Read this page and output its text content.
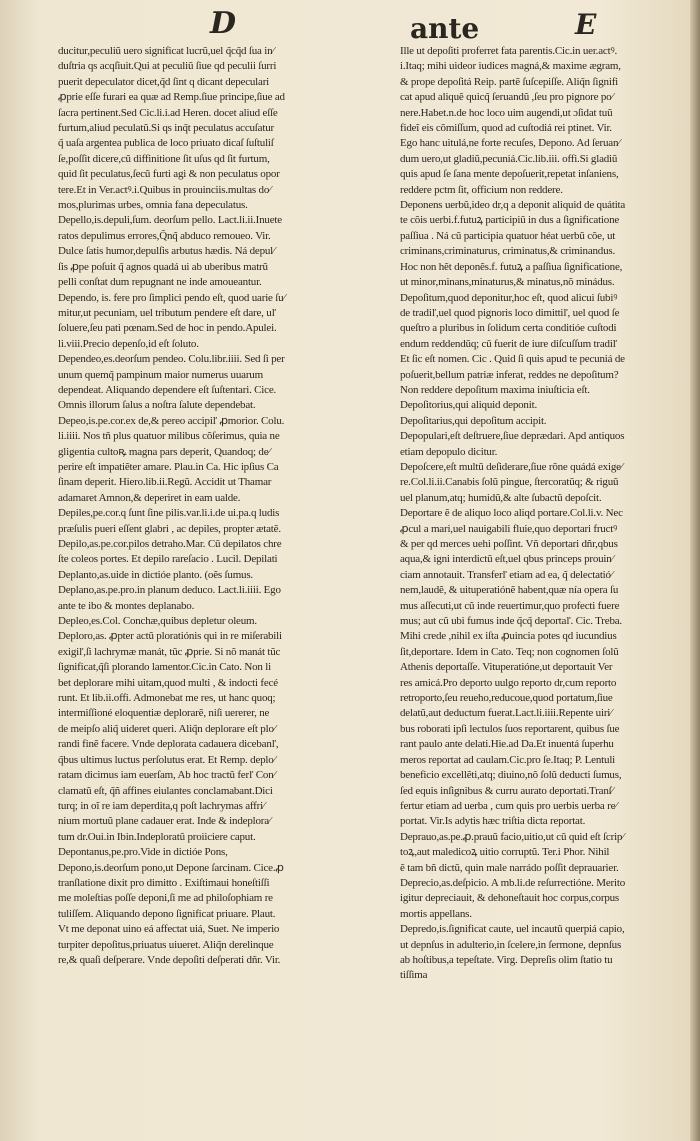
D	ante	E
ducitur,peculiũ uero significat lucrũ,uel q̃cq̃d ſua in⁄
duſtria qs acqſiuit.Qui at peculiũ ſiue qd peculii ſurri
puerit depeculator dicet,q̃d ſint q dicant depeculari
ꝓprie eſſe furari ea quæ ad Remp.ſiue principe,ſiue ad
ſacra pertinent.Sed Cic.li.i.ad Heren. docet aliud eſſe
furtum,aliud peculatũ.Si qs inq̃t peculatus accuſatur
q̃ uaſa argentea publica de loco priuato dicaſ ſuſtuliſ
ſe,poſſit dicere,cũ diffinitione ſit uſus qd ſit furtum,
quid ſit peculatus,ſecũ furti agi & non peculatus opor
tere.Et in Ver.actꝰ.i.Quibus in prouinciis.multas do⁄
mos,plurimas urbes, omnia fana depeculatus.
Depello,is.depuli,ſum. deorſum pello. Lact.li.ii.Inuete
ratos depulimus errores,Q̃nq̃ abduco remoueo. Vir.
Dulce ſatis humor,depulſis arbutus hædis. Ná depul⁄
ſis ꝓpe poſuit q̃ agnos quadá ui ab uberibus matrũ
pelli conſtat dum repugnant ne inde amoueantur.
Dependo, is. fere pro ſimplici pendo eſt, quod uarie ſu⁄
mitur,ut pecuniam, uel tributum pendere eſt dare, uľ
ſoluere,ſeu pati pœnam.Sed de hoc in pendo.Apulei.
li.viii.Precio depenſo,id eſt ſoluto.
Dependeo,es.deorſum pendeo. Colu.libr.iiii. Sed ſi per
unum quemq̃ pampinum maior numerus uuarum
dependeat. Aliquando dependere eſt ſuſtentari. Cice.
Omnis illorum ſalus a noſtra ſalute dependebat.
Depeo,is.pe.cor.ex de,& pereo accipiľ ꝓmorior. Colu.
li.iiii. Nos tñ plus quatuor milibus cõſerimus, quia ne
gligentia cultoꝶ magna pars deperit, Quandoq; de⁄
perire eſt impatiẽter amare. Plau.in Ca. Hic ipſius Ca
ſinam deperit. Hiero.lib.ii.Regũ. Accidit ut Thamar
adamaret Amnon,& deperiret in eam ualde.
Depiles,pe.cor.q ſunt ſine pilis.var.li.i.de ui.pa.q ludis
præſulis pueri eſſent glabri , ac depiles, propter ætatẽ.
Depilo,as.pe.cor.pilos detraho.Mar. Cũ depilatos chre
ſte coleos portes. Et depilo rareſacio . Lucil. Depilati
Deplanto,as.uide in dictióe planto. (oẽs ſumus.
Deplano,as.pe.pro.in planum deduco. Lact.li.iiii. Ego
ante te ibo & montes deplanabo.
Depleo,es.Col. Conchæ,quibus depletur oleum.
Deploro,as. ꝓpter actũ ploratiónis qui in re miſerabili
exigiľ,ſi lachrymæ manát, tũc ꝓprie. Si nõ manát tũc
ſignificat,q̃ſi plorando lamentor.Cic.in Cato. Non li
bet deplorare mihi uitam,quod multi , & indocti fecé
runt. Et lib.ii.offi. Admonebat me res, ut hanc quoq;
intermiſſioné eloquentiæ deplorarẽ, niſi uererer, ne
de meipſo aliq̃ uideret queri. Aliq̃n deplorare eſt plo⁄
randi finẽ facere. Vnde deplorata cadauera dicebanľ,
q̃bus ultimus luctus perſolutus erat. Et Remp. deplo⁄
ratam dicimus iam euerſam, Ab hoc tractũ ferľ Con⁄
clamatũ eſt, q̃ñ affines eiulantes conclamabant.Dici
turq; in oĩ re iam deperdita,q poſt lachrymas affri⁄
nium mortuũ plane cadauer erat. Inde & indeplora⁄
tum dr.Oui.in Ibin.Indeploratũ proiiciere caput.
Depontanus,pe.pro.Vide in dictióe Pons,
Depono,is.deorſum pono,ut Depone ſarcinam. Cice.ꝓ
tranſlatione dixit pro dimitto . Exiſtimaui honeſtiſſi
me moleſtias poſſe deponi,ſi me ad philoſophiam re
tuliſſem. Aliquando depono ſignificat priuare. Plaut.
Vt me deponat uino eá affectat uiá, Suet. Ne imperio
turpiter depoſitus,priuatus uiueret. Aliq̃n derelinque
re,& quaſi deſperare. Vnde depoſiti deſperati dñr. Vir.
Ille ut depoſiti proferret fata parentis.Cic.in uer.actꝰ.
i.Itaq; mihi uideor iudices magná,& maxime ægram,
& prope depoſitá Reip. partẽ ſuſcepiſſe. Aliq̃n ſignifi
cat apud aliquẽ quicq̃ ſeruandũ ,ſeu pro pignore po⁄
nere.Habet.n.de hoc loco uim augendi,ut ɔſidat tuũ
fideĩ eis cõmiſſum, quod ad cuſtodiá rei ptinet. Vir.
Ego hanc uitulá,ne forte recuſes, Depono. Ad ſeruan⁄
dum uero,ut gladiũ,pecuniá.Cic.lib.iii. offi.Si gladiũ
quis apud ſe ſana mente depoſuerit,repetat inſaniens,
reddere pctm ſit, officium non reddere.
Deponens uerbũ,ideo dr,q a deponit aliquid de quátita
te cõis uerbi.f.futuꝝ participiũ in dus a ſignificatione
paſſiua . Ná cũ participia quatuor héat uerbũ cõe, ut
criminans,criminaturus, criminatus,& criminandus.
Hoc non hẽt deponẽs.f. futuꝝ a paſſiua ſignificatione,
ut minor,minans,minaturus,& minatus,nõ minádus.
Depoſitum,quod deponitur,hoc eſt, quod alicui ſubiꝰ
de tradiľ,uel quod pignoris loco dimittiľ, uel quod ſe
queſtro a pluribus in ſolidum certa conditióe cuſtodi
endum reddendũq; cũ fuerit de iure diſcuſſum tradiľ
Et ſic eſt nomen. Cic . Quid ſi quis apud te pecuniá de
poſuerit,bellum patriæ inferat, reddes ne depoſitum?
Non reddere depoſitum maxima iniuſticia eſt.
Depoſitorius,qui aliquid deponit.
Depoſitarius,qui depoſitum accipit.
Depopulari,eſt deſtruere,ſiue deprædari. Apd antiquos
etiam depopulo dicitur.
Depoſcere,eſt multũ deſiderare,ſiue rõne quádá exige⁄
re.Col.li.ii.Canabis ſolũ pingue, ſtercoratũq; & riguũ
uel planum,atq; humidũ,& alte ſubactũ depoſcit.
Deportare ẽ de aliquo loco aliqd portare.Col.li.v. Nec
ꝓcul a mari,uel nauigabili fluie,quo deportari fructꝰ
& per qd merces uehi poſſint. Vñ deportari dñr,qbus
aqua,& igni interdictũ eſt,uel qbus princeps prouin⁄
ciam annotauit. Transferľ etiam ad ea, q̃ delectatió⁄
nem,laudẽ, & uituperatiónẽ habent,quæ nía opera ſu
mus aſſecuti,ut cũ inde reuertimur,quo profecti fuere
mus; aut cũ ubi fumus inde q̃cq̃ deportaľ. Cic. Treba.
Mihi crede ,nihil ex iſta ꝓuincia potes qd iucundius
ſit,deportare. Idem in Cato. Teq; non cognomen ſolũ
Athenis deportaſſe. Vituperatióne,ut deportauit Ver
res amicá.Pro deporto uulgo reporto dr,cum reporto
retroporto,ſeu reueho,reducoue,quod portatum,ſiue
delatũ,aut deductum fuerat.Lact.li.iiii.Repente uiri⁄
bus roborati ipſi lectulos ſuos reportarent, quibus ſue
rant paulo ante delati.Hie.ad Da.Et inuentá ſuperhu
meros reportat ad caulam.Cic.pro ſe.Itaq; P. Lentuli
beneficio excellẽti,atq; diuino,nõ ſolũ deducti ſumus,
ſed equis inſignibus & curru aurato deportati.Tranſ⁄
fertur etiam ad uerba , cum quis pro uerbis uerba re⁄
portat. Vir.Is adytis hæc triſtia dicta reportat.
Deprauo,as.pe.ꝓ.prauũ facio,uitio,ut cũ quid eſt ſcrip⁄
toꝝ,aut maledicoꝝ uitio corruptũ. Ter.i Phor. Nihil
ẽ tam bñ dictũ, quin male narrádo poſſit deprauarier.
Deprecio,as.deſpicio. A mb.li.de reſurrectióne. Merito
igitur depreciauit, & dehoneſtauit hoc corpus,corpus
mortis appellans.
Depredo,is.ſignificat caute, uel incautũ querpiá capio,
ut depnſus in adulterio,in ſcelere,in ſermone, depnſus
ab hoſtibus,a tepeſtate. Virg. Depreſis olim ſtatio tu
tiſſima
